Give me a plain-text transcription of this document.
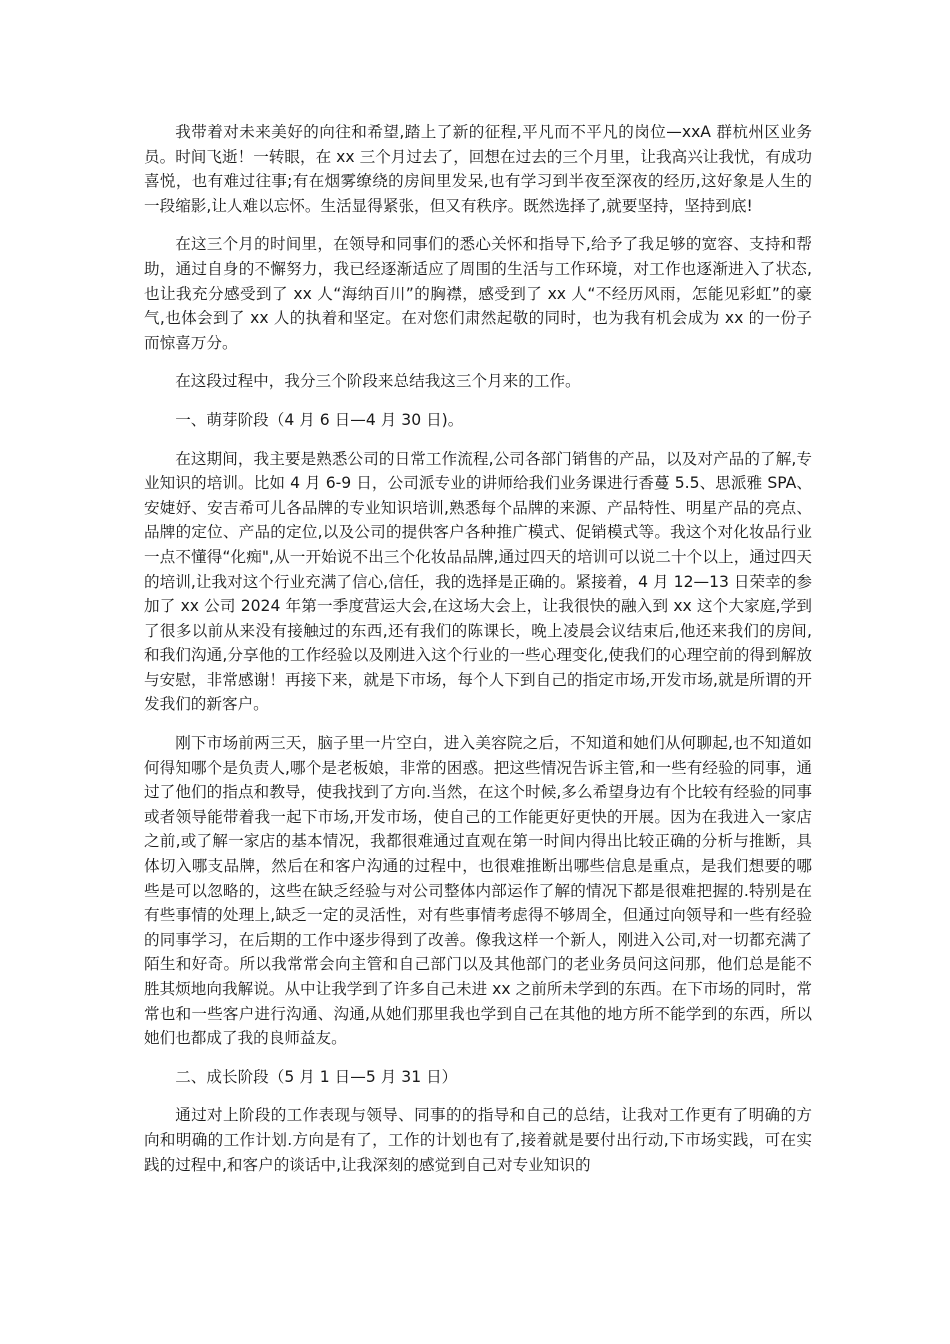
我带着对未来美好的向往和希望,踏上了新的征程,平凡而不平凡的岗位—xxA 群杭州区业务员。时间飞逝！一转眼，在 xx 三个月过去了，回想在过去的三个月里，让我高兴让我忧，有成功喜悦，也有难过往事;有在烟雾缭绕的房间里发呆,也有学习到半夜至深夜的经历,这好象是人生的一段缩影,让人难以忘怀。生活显得紧张，但又有秩序。既然选择了,就要坚持，坚持到底!

在这三个月的时间里，在领导和同事们的悉心关怀和指导下,给予了我足够的宽容、支持和帮助，通过自身的不懈努力，我已经逐渐适应了周围的生活与工作环境，对工作也逐渐进入了状态,也让我充分感受到了 xx 人“海纳百川”的胸襟，感受到了 xx 人“不经历风雨，怎能见彩虹”的豪气,也体会到了 xx 人的执着和坚定。在对您们肃然起敬的同时，也为我有机会成为 xx 的一份子而惊喜万分。

在这段过程中，我分三个阶段来总结我这三个月来的工作。

一、萌芽阶段（4 月 6 日—4 月 30 日)。

在这期间，我主要是熟悉公司的日常工作流程,公司各部门销售的产品，以及对产品的了解,专业知识的培训。比如 4 月 6-9 日，公司派专业的讲师给我们业务课进行香蔓 5.5、思派雅 SPA、安婕妤、安吉希可儿各品牌的专业知识培训,熟悉每个品牌的来源、产品特性、明星产品的亮点、品牌的定位、产品的定位,以及公司的提供客户各种推广模式、促销模式等。我这个对化妆品行业一点不懂得“化痴",从一开始说不出三个化妆品品牌,通过四天的培训可以说二十个以上，通过四天的培训,让我对这个行业充满了信心,信任，我的选择是正确的。紧接着，4 月 12—13 日荣幸的参加了 xx 公司 2024 年第一季度营运大会,在这场大会上，让我很快的融入到 xx 这个大家庭,学到了很多以前从来没有接触过的东西,还有我们的陈课长，晚上凌晨会议结束后,他还来我们的房间,和我们沟通,分享他的工作经验以及刚进入这个行业的一些心理变化,使我们的心理空前的得到解放与安慰，非常感谢！再接下来，就是下市场，每个人下到自己的指定市场,开发市场,就是所谓的开发我们的新客户。

刚下市场前两三天，脑子里一片空白，进入美容院之后，不知道和她们从何聊起,也不知道如何得知哪个是负责人,哪个是老板娘，非常的困惑。把这些情况告诉主管,和一些有经验的同事，通过了他们的指点和教导，使我找到了方向.当然，在这个时候,多么希望身边有个比较有经验的同事或者领导能带着我一起下市场,开发市场，使自己的工作能更好更快的开展。因为在我进入一家店之前,或了解一家店的基本情况，我都很难通过直观在第一时间内得出比较正确的分析与推断，具体切入哪支品牌，然后在和客户沟通的过程中，也很难推断出哪些信息是重点，是我们想要的哪些是可以忽略的，这些在缺乏经验与对公司整体内部运作了解的情况下都是很难把握的.特别是在有些事情的处理上,缺乏一定的灵活性，对有些事情考虑得不够周全，但通过向领导和一些有经验的同事学习，在后期的工作中逐步得到了改善。像我这样一个新人，刚进入公司,对一切都充满了陌生和好奇。所以我常常会向主管和自己部门以及其他部门的老业务员问这问那，他们总是能不胜其烦地向我解说。从中让我学到了许多自己未进 xx 之前所未学到的东西。在下市场的同时，常常也和一些客户进行沟通、沟通,从她们那里我也学到自己在其他的地方所不能学到的东西，所以她们也都成了我的良师益友。

二、成长阶段（5 月 1 日—5 月 31 日）

通过对上阶段的工作表现与领导、同事的的指导和自己的总结，让我对工作更有了明确的方向和明确的工作计划.方向是有了，工作的计划也有了,接着就是要付出行动,下市场实践，可在实践的过程中,和客户的谈话中,让我深刻的感觉到自己对专业知识的
